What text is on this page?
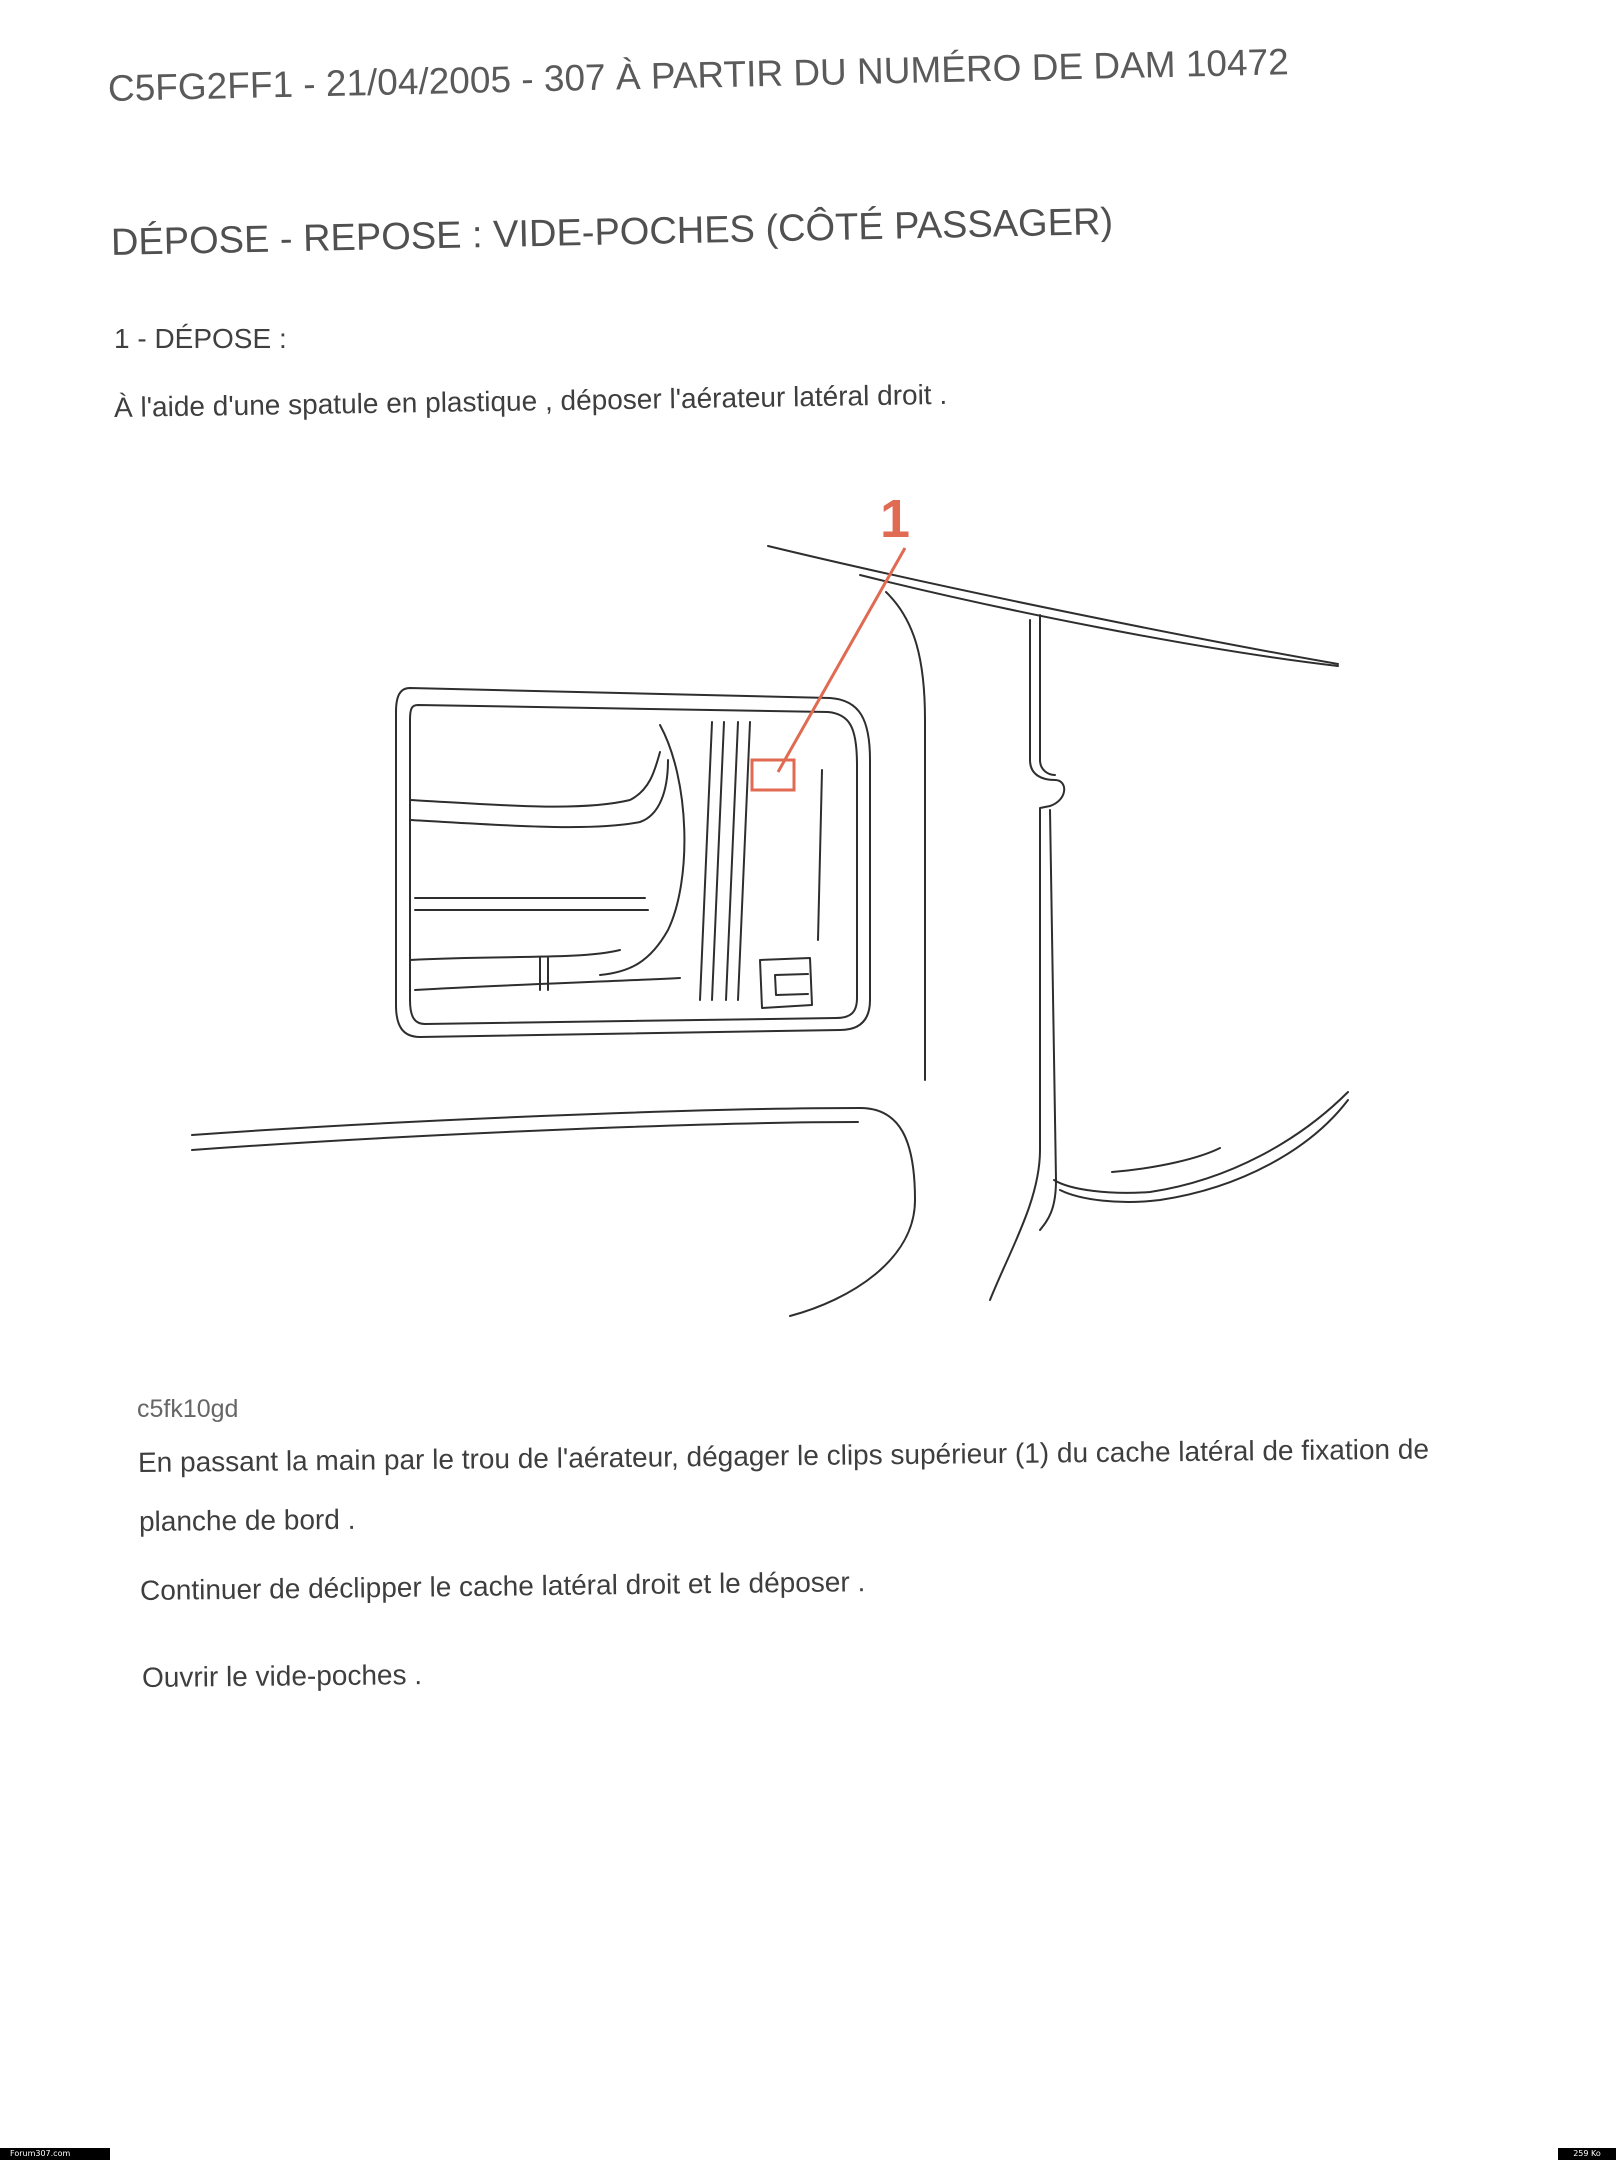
C5FG2FF1 - 21/04/2005 - 307 À PARTIR DU NUMÉRO DE DAM 10472
DÉPOSE - REPOSE : VIDE-POCHES (CÔTÉ PASSAGER)
1 - DÉPOSE :
À l'aide d'une spatule en plastique , déposer l'aérateur latéral droit .
1
c5fk10gd
En passant la main par le trou de l'aérateur, dégager le clips supérieur (1) du cache latéral de fixation de
planche de bord .
Continuer de déclipper le cache latéral droit et le déposer .
Ouvrir le vide-poches .
Forum307.com	259 Ko
